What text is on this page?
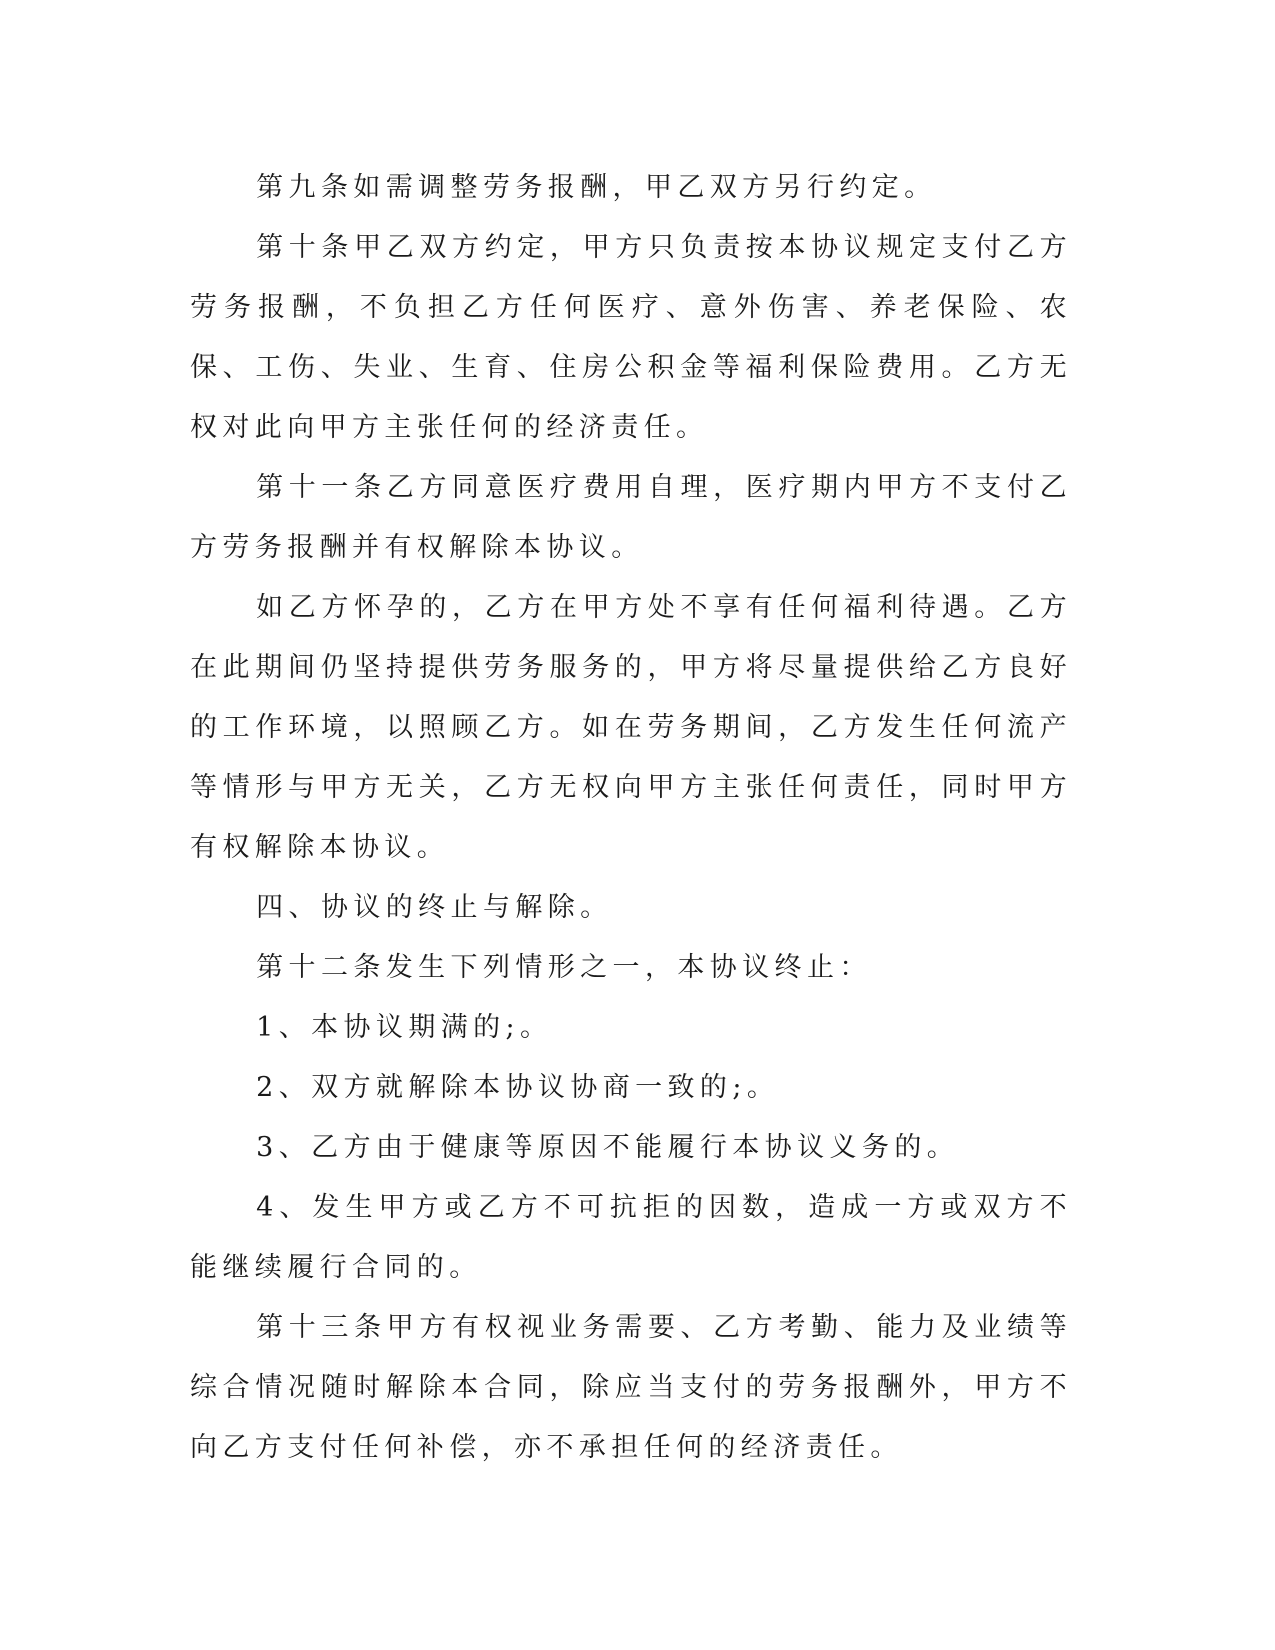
第九条如需调整劳务报酬，甲乙双方另行约定。

第十条甲乙双方约定，甲方只负责按本协议规定支付乙方劳务报酬，不负担乙方任何医疗、意外伤害、养老保险、农保、工伤、失业、生育、住房公积金等福利保险费用。乙方无权对此向甲方主张任何的经济责任。

第十一条乙方同意医疗费用自理，医疗期内甲方不支付乙方劳务报酬并有权解除本协议。

如乙方怀孕的，乙方在甲方处不享有任何福利待遇。乙方在此期间仍坚持提供劳务服务的，甲方将尽量提供给乙方良好的工作环境，以照顾乙方。如在劳务期间，乙方发生任何流产等情形与甲方无关，乙方无权向甲方主张任何责任，同时甲方有权解除本协议。

四、协议的终止与解除。

第十二条发生下列情形之一，本协议终止：

1、本协议期满的;。

2、双方就解除本协议协商一致的;。

3、乙方由于健康等原因不能履行本协议义务的。

4、发生甲方或乙方不可抗拒的因数，造成一方或双方不能继续履行合同的。

第十三条甲方有权视业务需要、乙方考勤、能力及业绩等综合情况随时解除本合同，除应当支付的劳务报酬外，甲方不向乙方支付任何补偿，亦不承担任何的经济责任。
